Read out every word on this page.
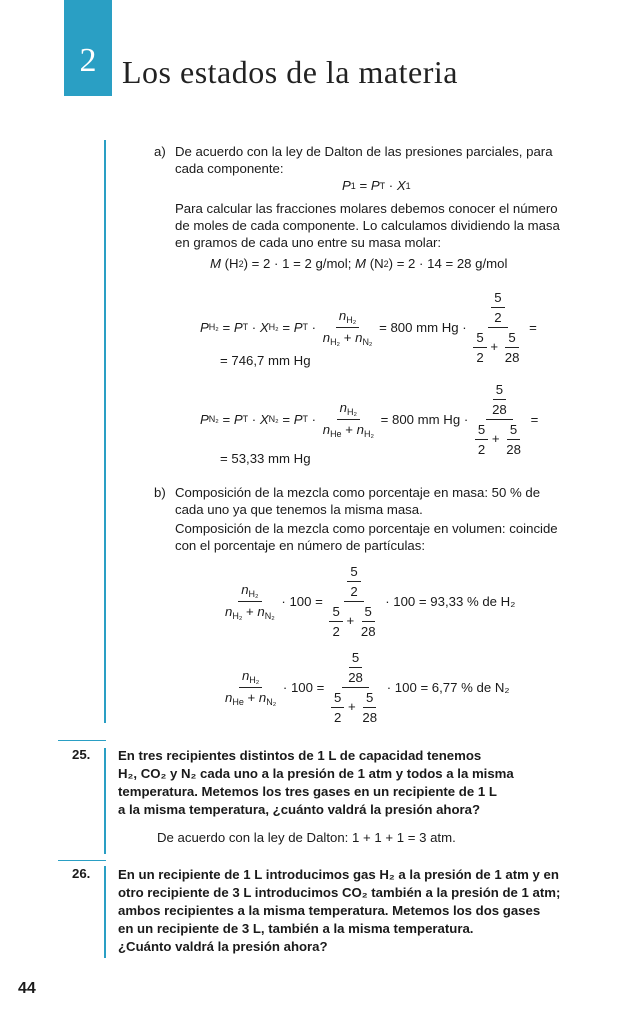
2 Los estados de la materia
a) De acuerdo con la ley de Dalton de las presiones parciales, para
cada componente:
P 1 = P T · X 1
Para calcular las fracciones molares debemos conocer el número
de moles de cada componente. Lo calculamos dividiendo la masa
en gramos de cada uno entre su masa molar:
M (H 2 ) = 2 · 1 = 2 g/mol; M (N 2 ) = 2 · 14 = 28 g/mol
P H₂ = P T · X H₂ = P $T \cdot \frac{n_{H_2}}{n_{H_2} + n_{N_2}}$
= 800 mm Hg ·
$\frac{\frac{5}{2}}{\frac{5}{2} + \frac{5}{28}}$ =
= 746,7 mm Hg
P N₂ = P T · X N₂ = P $T \cdot \frac{n_{H_2}}{n_{He} + n_{H_2}}$
= 800 mm Hg ·
$\frac{\frac{5}{28}}{\frac{5}{2} + \frac{5}{28}}$ =
= 53,33 mm Hg
b) Composición de la mezcla como porcentaje en masa: 50 % de
cada uno ya que tenemos la misma masa.
Composición de la mezcla como porcentaje en volumen: coincide
con el porcentaje en número de partículas:
$\frac{n_{H_2}}{n_{H_2} + n_{N_2}} \cdot 100 = \frac{\frac{5}{2}}{\frac{5}{2} + \frac{5}{28}}$
· 100 = 93,33 % de H₂
$\frac{n_{H_2}}{n_{He} + n_{N_2}} \cdot 100 = \frac{\frac{5}{28}}{\frac{5}{2} + \frac{5}{28}}$
· 100 = 6,77 % de N₂
25. En tres recipientes distintos de 1 L de capacidad tenemos
H₂, CO₂ y N₂ cada uno a la presión de 1 atm y todos a la misma
temperatura. Metemos los tres gases en un recipiente de 1 L
a la misma temperatura, ¿cuánto valdrá la presión ahora?
De acuerdo con la ley de Dalton: 1 + 1 + 1 = 3 atm.
26. En un recipiente de 1 L introducimos gas H₂ a la presión de 1 atm y en
otro recipiente de 3 L introducimos CO₂ también a la presión de 1 atm;
ambos recipientes a la misma temperatura. Metemos los dos gases
en un recipiente de 3 L, también a la misma temperatura.
¿Cuánto valdrá la presión ahora?
44
